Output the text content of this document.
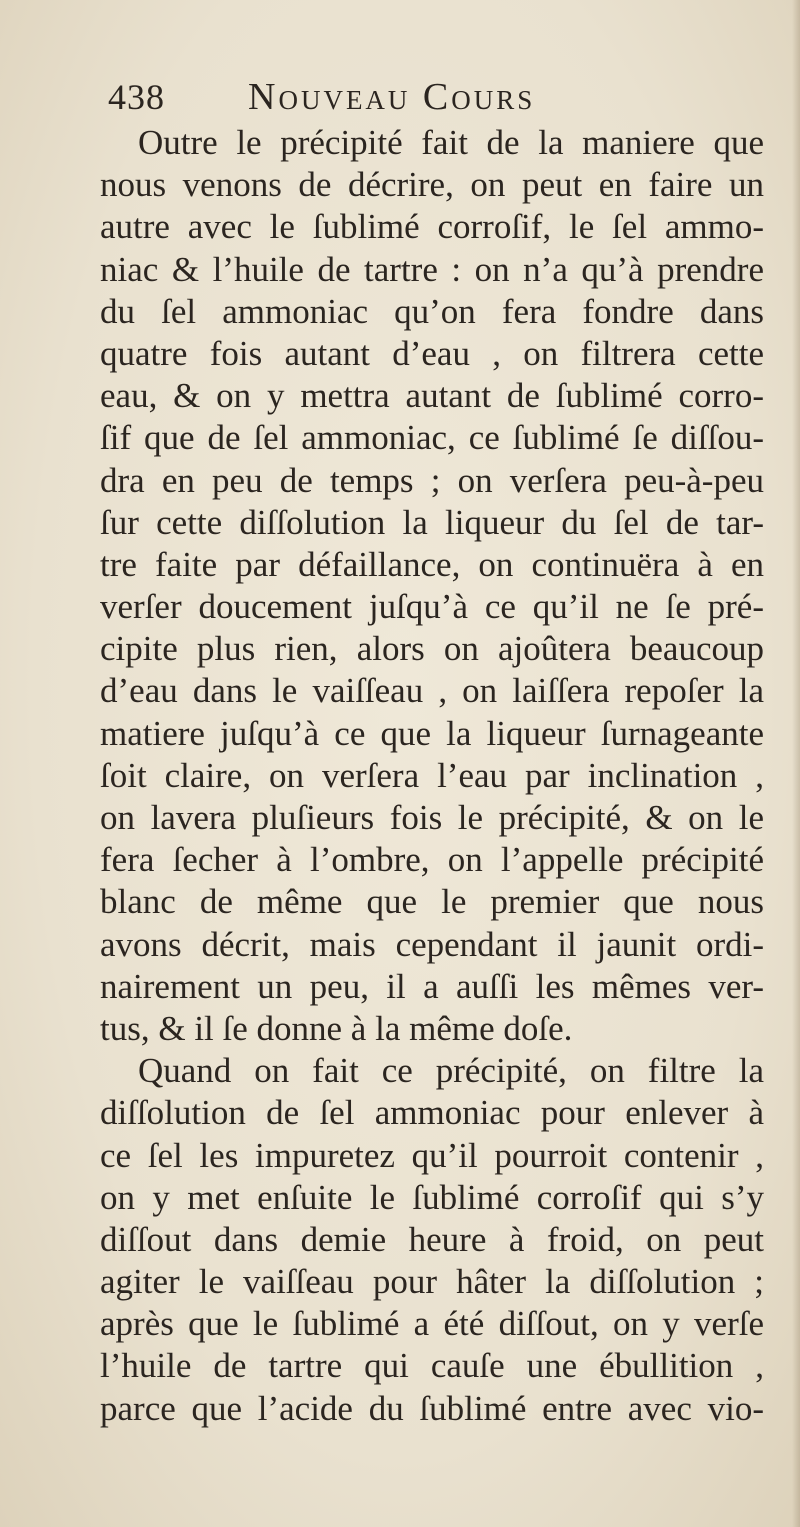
438 Nouveau Cours
Outre le précipité fait de la maniere que
nous venons de décrire, on peut en faire un
autre avec le ſublimé corroſif, le ſel ammo-
niac & l’huile de tartre : on n’a qu’à prendre
du ſel ammoniac qu’on fera fondre dans
quatre fois autant d’eau , on filtrera cette
eau, & on y mettra autant de ſublimé corro-
ſif que de ſel ammoniac, ce ſublimé ſe diſſou-
dra en peu de temps ; on verſera peu-à-peu
ſur cette diſſolution la liqueur du ſel de tar-
tre faite par défaillance, on continuëra à en
verſer doucement juſqu’à ce qu’il ne ſe pré-
cipite plus rien, alors on ajoûtera beaucoup
d’eau dans le vaiſſeau , on laiſſera repoſer la
matiere juſqu’à ce que la liqueur ſurnageante
ſoit claire, on verſera l’eau par inclination ,
on lavera pluſieurs fois le précipité, & on le
fera ſecher à l’ombre, on l’appelle précipité
blanc de même que le premier que nous
avons décrit, mais cependant il jaunit ordi-
nairement un peu, il a auſſi les mêmes ver-
tus, & il ſe donne à la même doſe.
Quand on fait ce précipité, on filtre la
diſſolution de ſel ammoniac pour enlever à
ce ſel les impuretez qu’il pourroit contenir ,
on y met enſuite le ſublimé corroſif qui s’y
diſſout dans demie heure à froid, on peut
agiter le vaiſſeau pour hâter la diſſolution ;
après que le ſublimé a été diſſout, on y verſe
l’huile de tartre qui cauſe une ébullition ,
parce que l’acide du ſublimé entre avec vio-
